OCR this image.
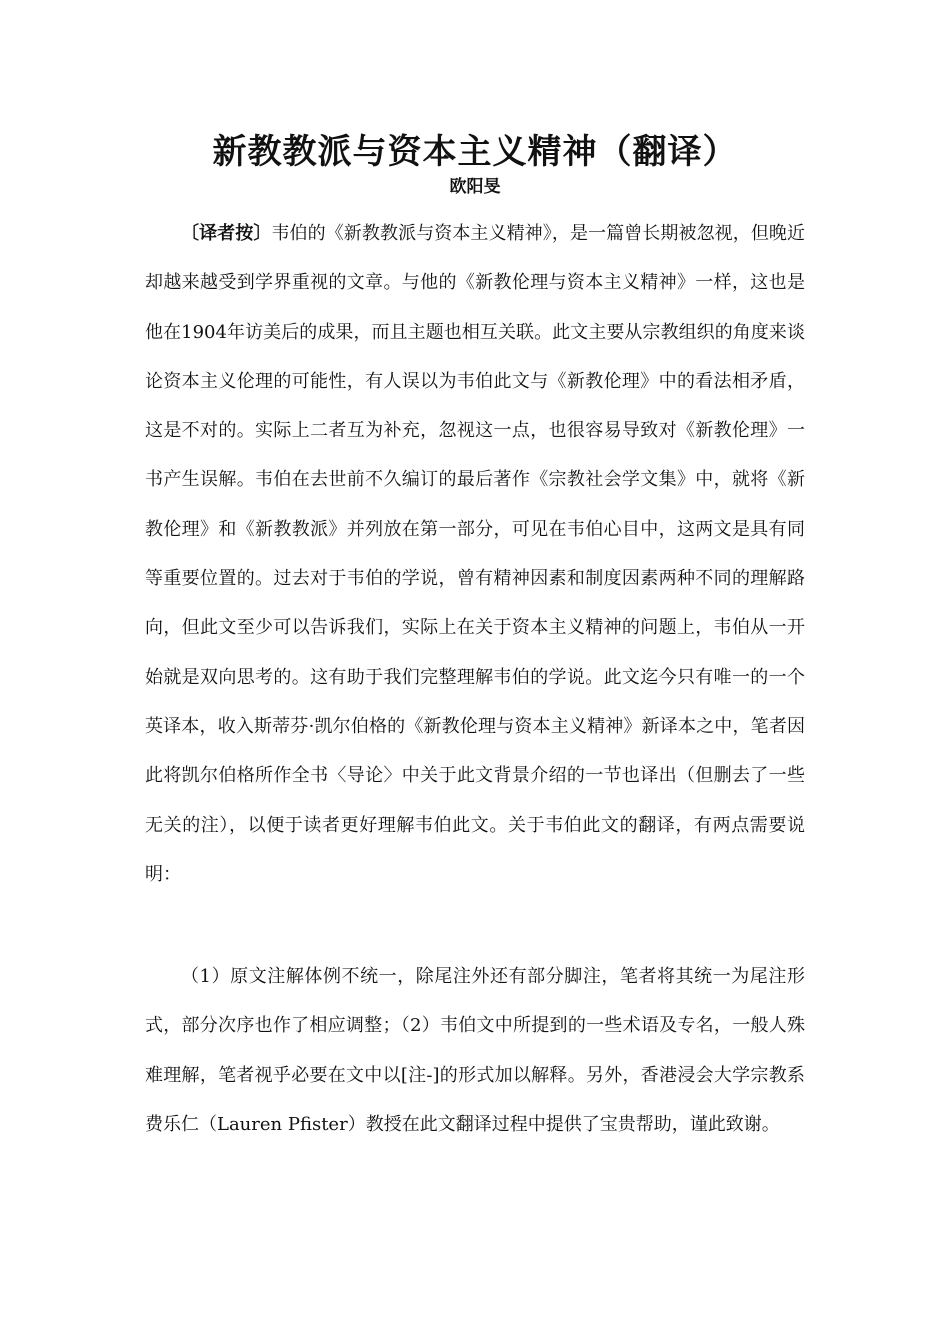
新教教派与资本主义精神（翻译）
欧阳旻

〔译者按〕韦伯的《新教教派与资本主义精神》，是一篇曾长期被忽视，但晚近却越来越受到学界重视的文章。与他的《新教伦理与资本主义精神》一样，这也是他在1904年访美后的成果，而且主题也相互关联。此文主要从宗教组织的角度来谈论资本主义伦理的可能性，有人误以为韦伯此文与《新教伦理》中的看法相矛盾，这是不对的。实际上二者互为补充，忽视这一点，也很容易导致对《新教伦理》一书产生误解。韦伯在去世前不久编订的最后著作《宗教社会学文集》中，就将《新教伦理》和《新教教派》并列放在第一部分，可见在韦伯心目中，这两文是具有同等重要位置的。过去对于韦伯的学说，曾有精神因素和制度因素两种不同的理解路向，但此文至少可以告诉我们，实际上在关于资本主义精神的问题上，韦伯从一开始就是双向思考的。这有助于我们完整理解韦伯的学说。此文迄今只有唯一的一个英译本，收入斯蒂芬·凯尔伯格的《新教伦理与资本主义精神》新译本之中，笔者因此将凯尔伯格所作全书〈导论〉中关于此文背景介绍的一节也译出（但删去了一些无关的注），以便于读者更好理解韦伯此文。关于韦伯此文的翻译，有两点需要说明：

（1）原文注解体例不统一，除尾注外还有部分脚注，笔者将其统一为尾注形式，部分次序也作了相应调整；（2）韦伯文中所提到的一些术语及专名，一般人殊难理解，笔者视乎必要在文中以[注-]的形式加以解释。另外，香港浸会大学宗教系费乐仁（Lauren Pfister）教授在此文翻译过程中提供了宝贵帮助，谨此致谢。
